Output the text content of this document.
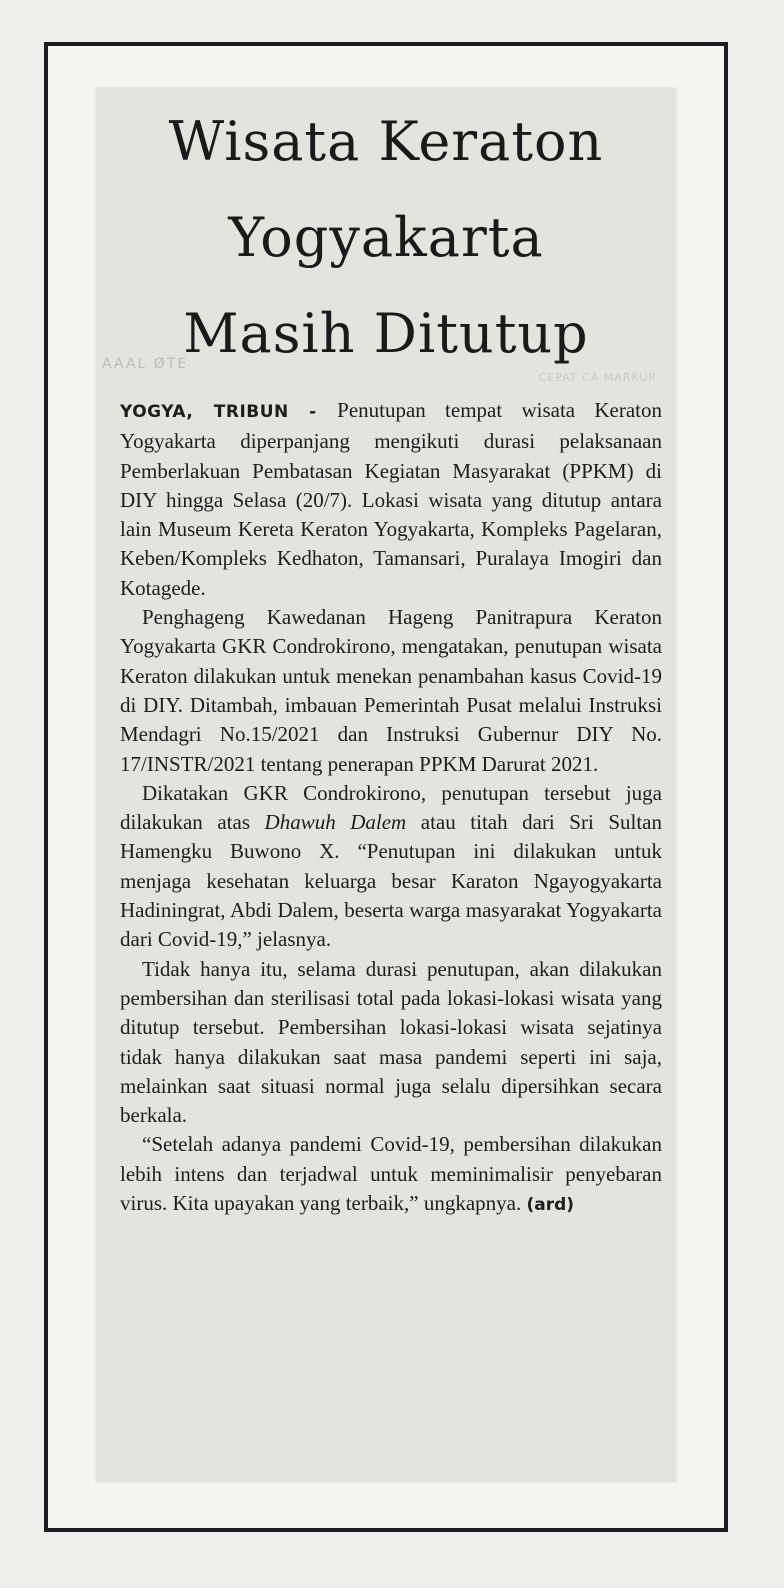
AAAL ØTE
CEPAT CA MARKUP
Wisata Keraton
Yogyakarta
Masih Ditutup

YOGYA, TRIBUN - Penutupan tempat wisata Keraton Yogyakarta diperpanjang mengikuti durasi pelaksanaan Pemberlakuan Pembatasan Kegiatan Masyarakat (PPKM) di DIY hingga Selasa (20/7). Lokasi wisata yang ditutup antara lain Museum Kereta Keraton Yogyakarta, Kompleks Pagelaran, Keben/Kompleks Kedhaton, Tamansari, Puralaya Imogiri dan Kotagede.

Penghageng Kawedanan Hageng Panitrapura Keraton Yogyakarta GKR Condrokirono, mengatakan, penutupan wisata Keraton dilakukan untuk menekan penambahan kasus Covid-19 di DIY. Ditambah, imbauan Pemerintah Pusat melalui Instruksi Mendagri No.15/2021 dan Instruksi Gubernur DIY No. 17/INSTR/2021 tentang penerapan PPKM Darurat 2021.

Dikatakan GKR Condrokirono, penutupan tersebut juga dilakukan atas Dhawuh Dalem atau titah dari Sri Sultan Hamengku Buwono X. “Penutupan ini dilakukan untuk menjaga kesehatan keluarga besar Karaton Ngayogyakarta Hadiningrat, Abdi Dalem, beserta warga masyarakat Yogyakarta dari Covid-19,” jelasnya.

Tidak hanya itu, selama durasi penutupan, akan dilakukan pembersihan dan sterilisasi total pada lokasi-lokasi wisata yang ditutup tersebut. Pembersihan lokasi-lokasi wisata sejatinya tidak hanya dilakukan saat masa pandemi seperti ini saja, melainkan saat situasi normal juga selalu dipersihkan secara berkala.

“Setelah adanya pandemi Covid-19, pembersihan dilakukan lebih intens dan terjadwal untuk meminimalisir penyebaran virus. Kita upayakan yang terbaik,” ungkapnya. (ard)
